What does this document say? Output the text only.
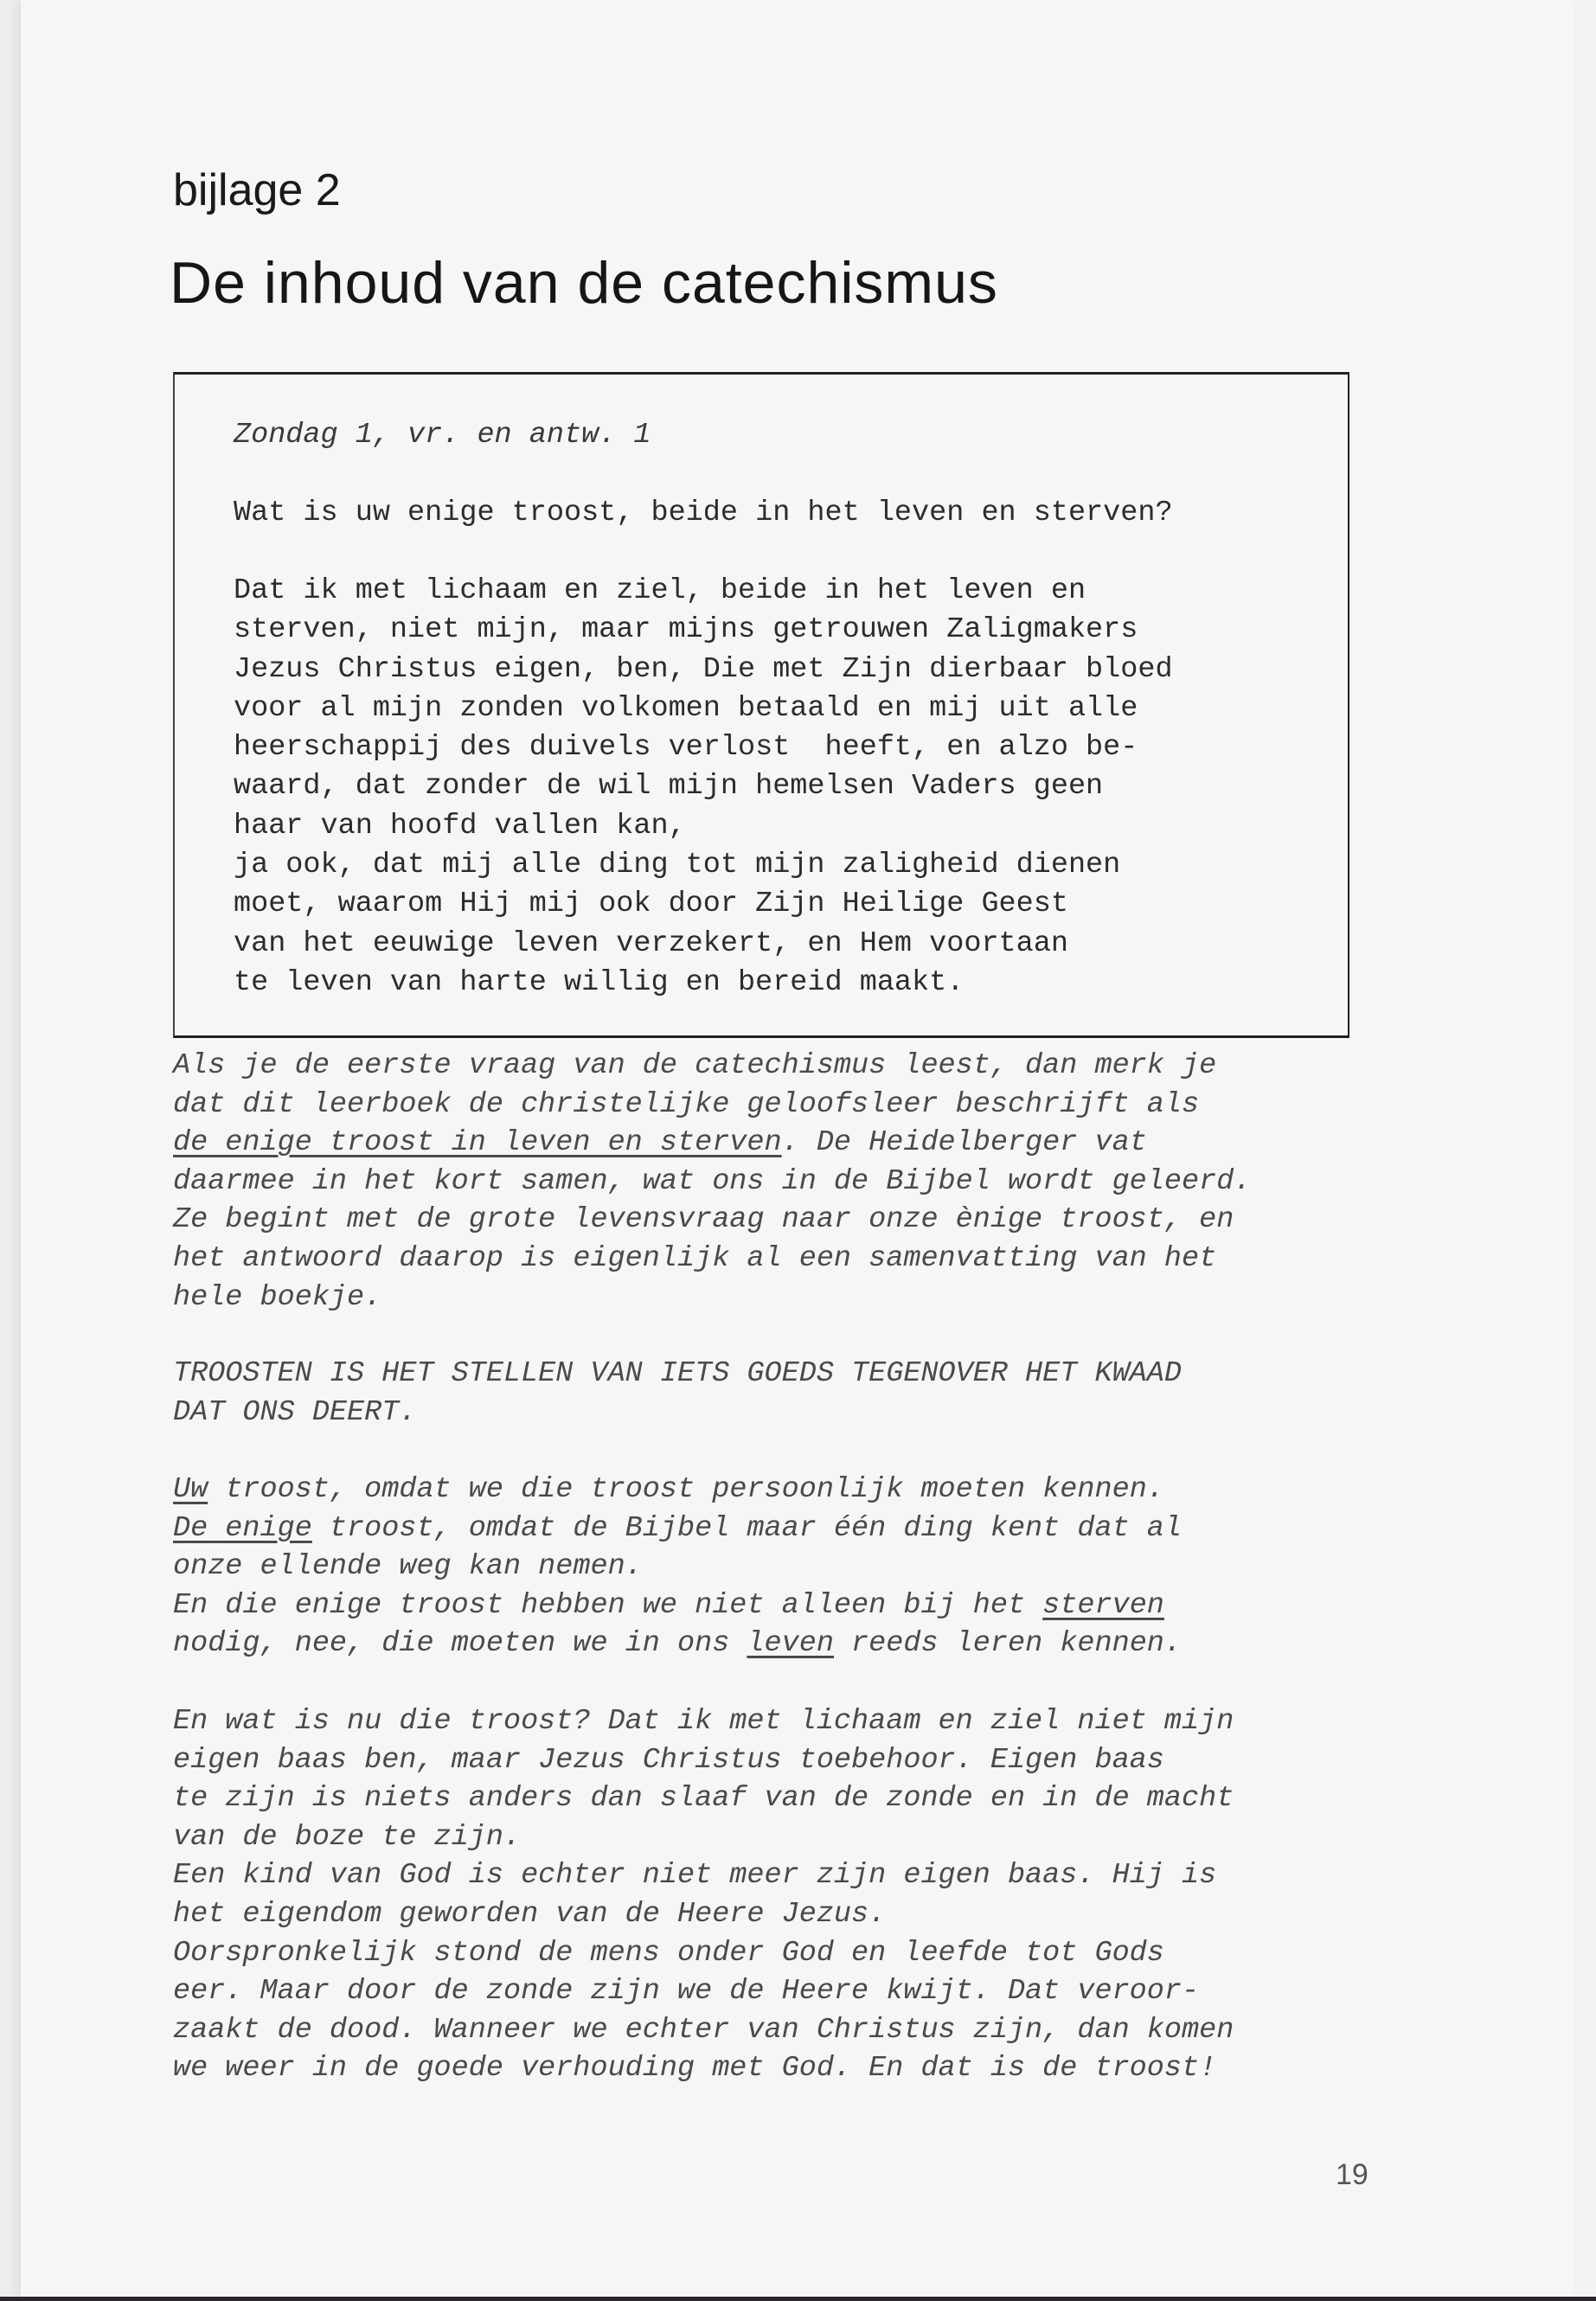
bijlage 2
De inhoud van de catechismus
Zondag 1, vr. en antw. 1
Wat is uw enige troost, beide in het leven en sterven?
Dat ik met lichaam en ziel, beide in het leven en
sterven, niet mijn, maar mijns getrouwen Zaligmakers
Jezus Christus eigen, ben, Die met Zijn dierbaar bloed
voor al mijn zonden volkomen betaald en mij uit alle
heerschappij des duivels verlost  heeft, en alzo be-
waard, dat zonder de wil mijn hemelsen Vaders geen
haar van hoofd vallen kan,
ja ook, dat mij alle ding tot mijn zaligheid dienen
moet, waarom Hij mij ook door Zijn Heilige Geest
van het eeuwige leven verzekert, en Hem voortaan
te leven van harte willig en bereid maakt.
Als je de eerste vraag van de catechismus leest, dan merk je
dat dit leerboek de christelijke geloofsleer beschrijft als
de enige troost in leven en sterven. De Heidelberger vat
daarmee in het kort samen, wat ons in de Bijbel wordt geleerd.
Ze begint met de grote levensvraag naar onze ènige troost, en
het antwoord daarop is eigenlijk al een samenvatting van het
hele boekje.
TROOSTEN IS HET STELLEN VAN IETS GOEDS TEGENOVER HET KWAAD
DAT ONS DEERT.
Uw troost, omdat we die troost persoonlijk moeten kennen.
De enige troost, omdat de Bijbel maar één ding kent dat al
onze ellende weg kan nemen.
En die enige troost hebben we niet alleen bij het sterven
nodig, nee, die moeten we in ons leven reeds leren kennen.
En wat is nu die troost? Dat ik met lichaam en ziel niet mijn
eigen baas ben, maar Jezus Christus toebehoor. Eigen baas
te zijn is niets anders dan slaaf van de zonde en in de macht
van de boze te zijn.
Een kind van God is echter niet meer zijn eigen baas. Hij is
het eigendom geworden van de Heere Jezus.
Oorspronkelijk stond de mens onder God en leefde tot Gods
eer. Maar door de zonde zijn we de Heere kwijt. Dat veroor-
zaakt de dood. Wanneer we echter van Christus zijn, dan komen
we weer in de goede verhouding met God. En dat is de troost!
19
